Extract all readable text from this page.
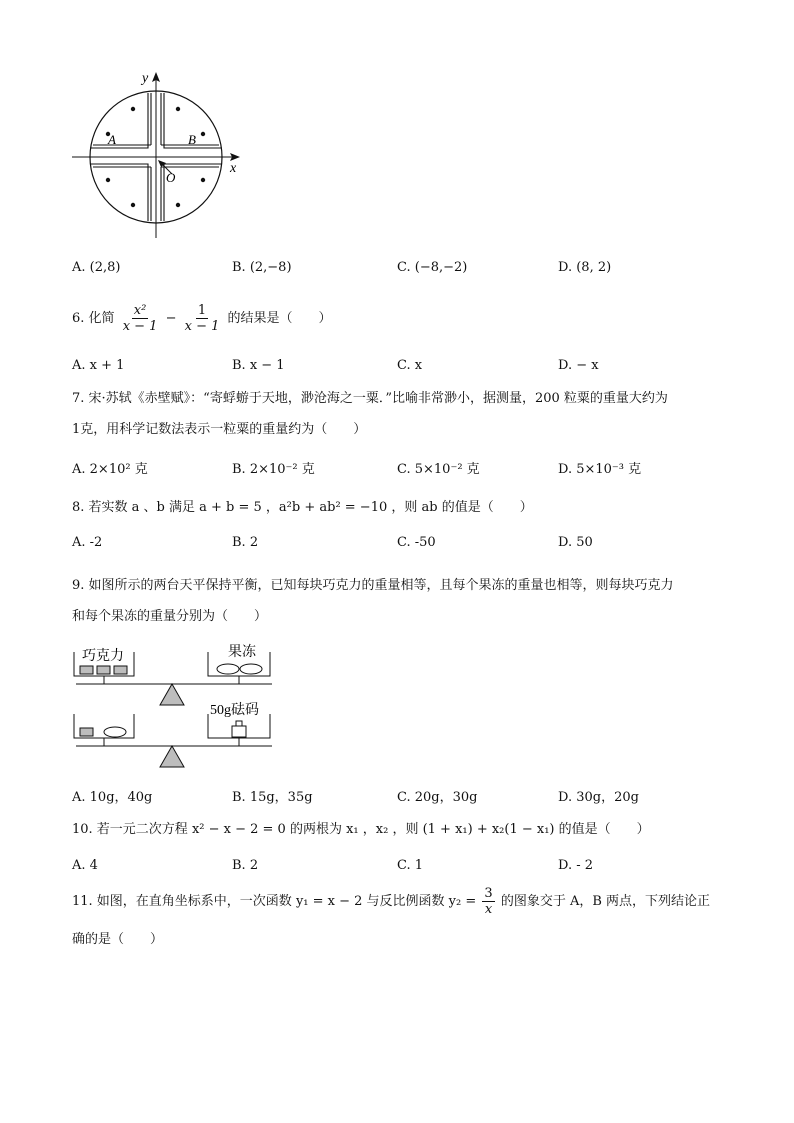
y
x
A	B
O
A. (2,8)	B. (2,−8)	C. (−8,−2)	D. (8, 2)
6. 化简 $\frac{\text{x²}}{x - 1} - \frac{1}{x - 1}$ 的结果是（　　）
A. x + 1	B. x − 1	C. x	D. − x
7. 宋·苏轼《赤壁赋》：“寄蜉蝣于天地，渺沧海之一粟．”比喻非常渺小，据测量，200 粒粟的重量大约为
1克，用科学记数法表示一粒粟的重量约为（　　）
A. 2×10² 克	B. 2×10⁻² 克	C. 5×10⁻² 克	D. 5×10⁻³ 克
8. 若实数 a 、b 满足 a + b = 5 ，a²b + ab² = −10 ，则 ab 的值是（　　）
A. -2	B. 2	C. -50	D. 50
9. 如图所示的两台天平保持平衡，已知每块巧克力的重量相等，且每个果冻的重量也相等，则每块巧克力
和每个果冻的重量分别为（　　）
巧克力	果冻
50g砝码
A. 10g，40g	B. 15g，35g	C. 20g，30g	D. 30g，20g
10. 若一元二次方程 x² − x − 2 = 0 的两根为 x₁ ，x₂ ，则 (1 + x₁) + x₂(1 − x₁) 的值是（　　）
A. 4	B. 2	C. 1	D. - 2
11. 如图，在直角坐标系中，一次函数 y₁ = x − 2 与反比例函数 $y_2 = \frac{3}{x}$ 的图象交于 A，B 两点，下列结论正
确的是（　　）
